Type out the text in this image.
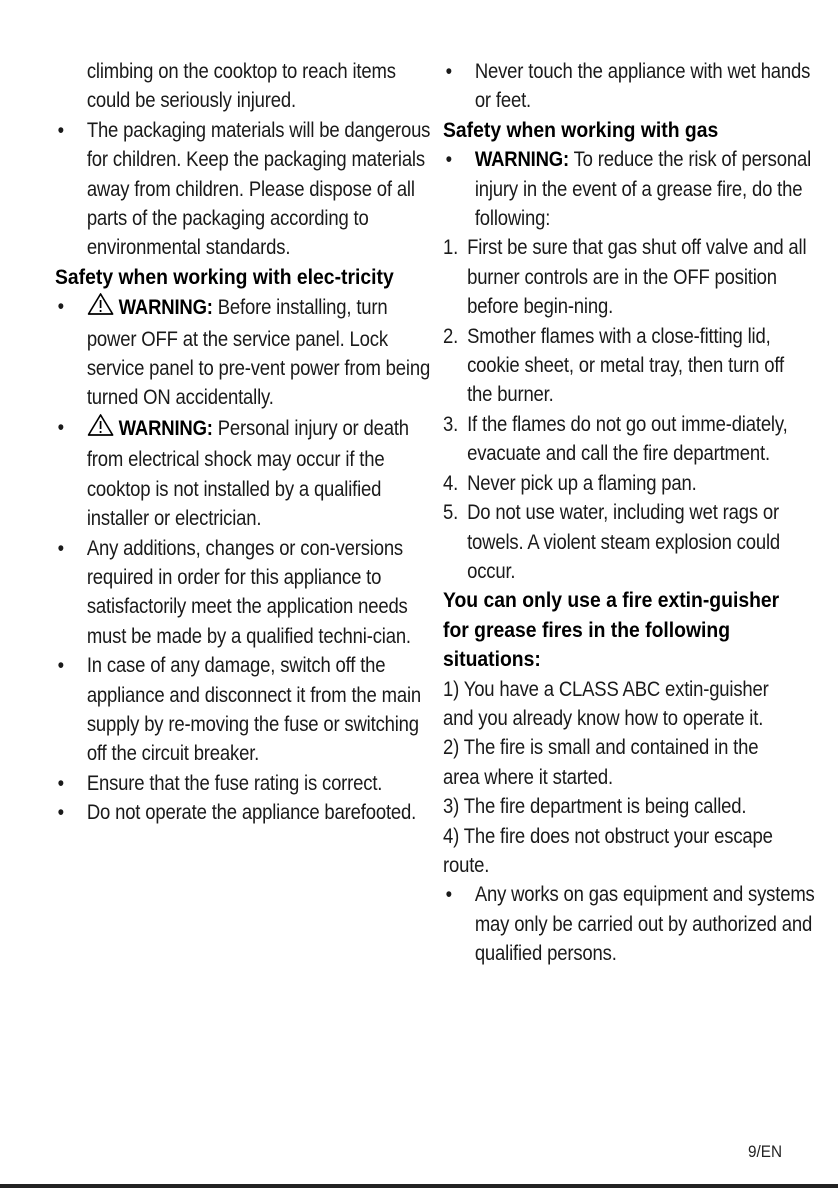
climbing on the cooktop to reach items could be seriously injured.
• The packaging materials will be dangerous for children. Keep the packaging materials away from children. Please dispose of all parts of the packaging according to environmental standards.
Safety when working with elec-tricity
•	WARNING: Before installing, turn power OFF at the service panel. Lock service panel to pre-vent power from being turned ON accidentally.
•	WARNING: Personal injury or death from electrical shock may occur if the cooktop is not installed by a qualified installer or electrician.
• Any additions, changes or con-versions required in order for this appliance to satisfactorily meet the application needs must be made by a qualified techni-cian.
• In case of any damage, switch off the appliance and disconnect it from the main supply by re-moving the fuse or switching off the circuit breaker.
• Ensure that the fuse rating is correct.
• Do not operate the appliance barefooted.
• Never touch the appliance with wet hands or feet.
Safety when working with gas
• WARNING: To reduce the risk of personal injury in the event of a grease fire, do the following:
1. First be sure that gas shut off valve and all burner controls are in the OFF position before begin-ning.
2. Smother flames with a close-fitting lid, cookie sheet, or metal tray, then turn off the burner.
3. If the flames do not go out imme-diately, evacuate and call the fire department.
4. Never pick up a flaming pan.
5. Do not use water, including wet rags or towels. A violent steam explosion could occur.
You can only use a fire extin-guisher for grease fires in the following situations:
1) You have a CLASS ABC extin-guisher and you already know how to operate it.
2) The fire is small and contained in the area where it started.
3) The fire department is being called.
4) The fire does not obstruct your escape route.
• Any works on gas equipment and systems may only be carried out by authorized and qualified persons.
9/EN
